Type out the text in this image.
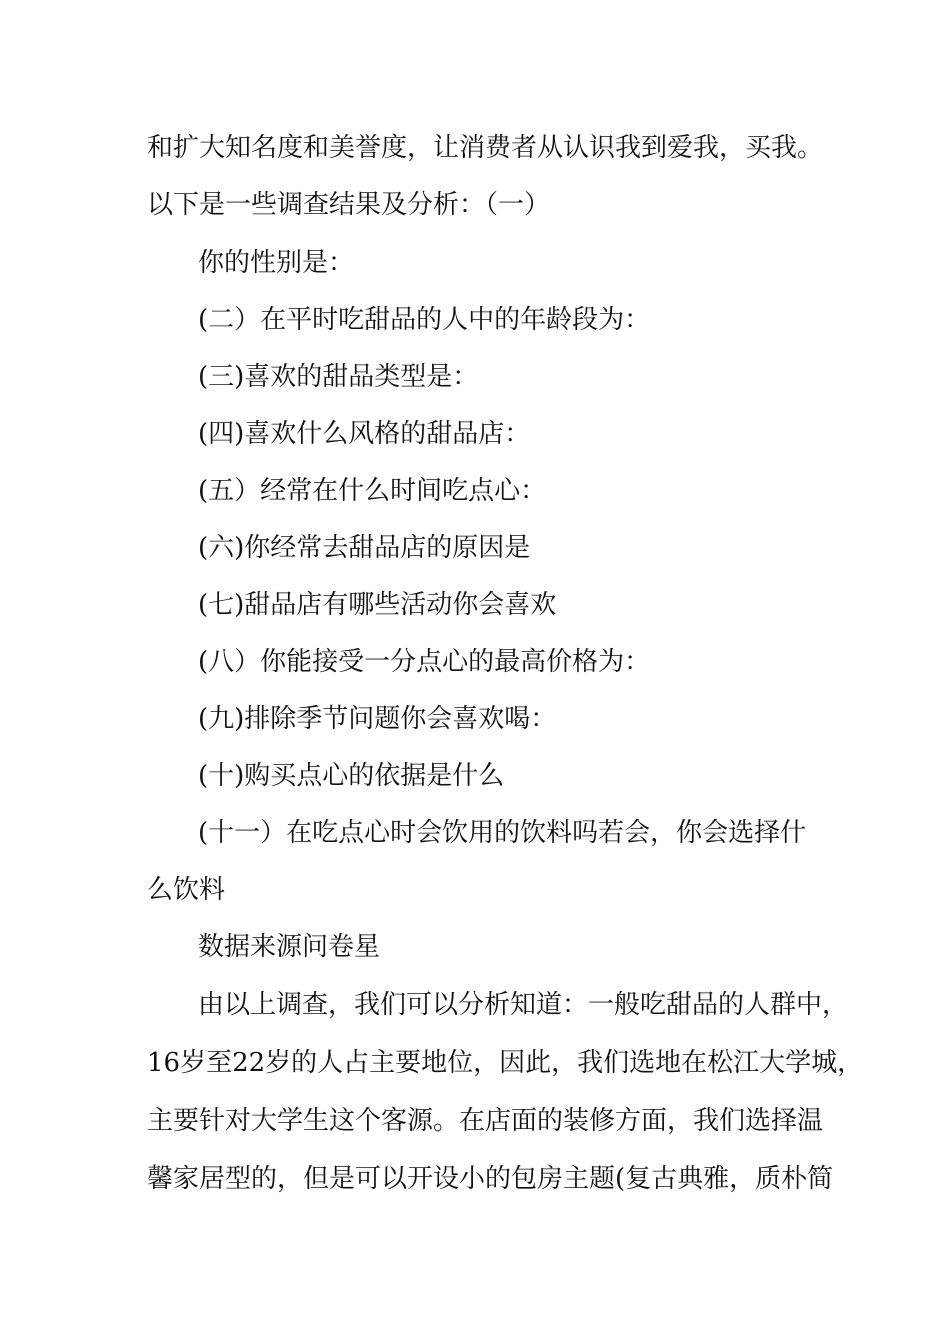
和扩大知名度和美誉度，让消费者从认识我到爱我，买我。
以下是一些调查结果及分析：（一）
你的性别是：
(二）在平时吃甜品的人中的年龄段为：
(三)喜欢的甜品类型是：
(四)喜欢什么风格的甜品店：
(五）经常在什么时间吃点心：
(六)你经常去甜品店的原因是
(七)甜品店有哪些活动你会喜欢
(八）你能接受一分点心的最高价格为：
(九)排除季节问题你会喜欢喝：
(十)购买点心的依据是什么
(十一）在吃点心时会饮用的饮料吗若会，你会选择什
么饮料
数据来源问卷星
由以上调查，我们可以分析知道：一般吃甜品的人群中，
16岁至22岁的人占主要地位，因此，我们选地在松江大学城，
主要针对大学生这个客源。在店面的装修方面，我们选择温
馨家居型的，但是可以开设小的包房主题(复古典雅，质朴简
